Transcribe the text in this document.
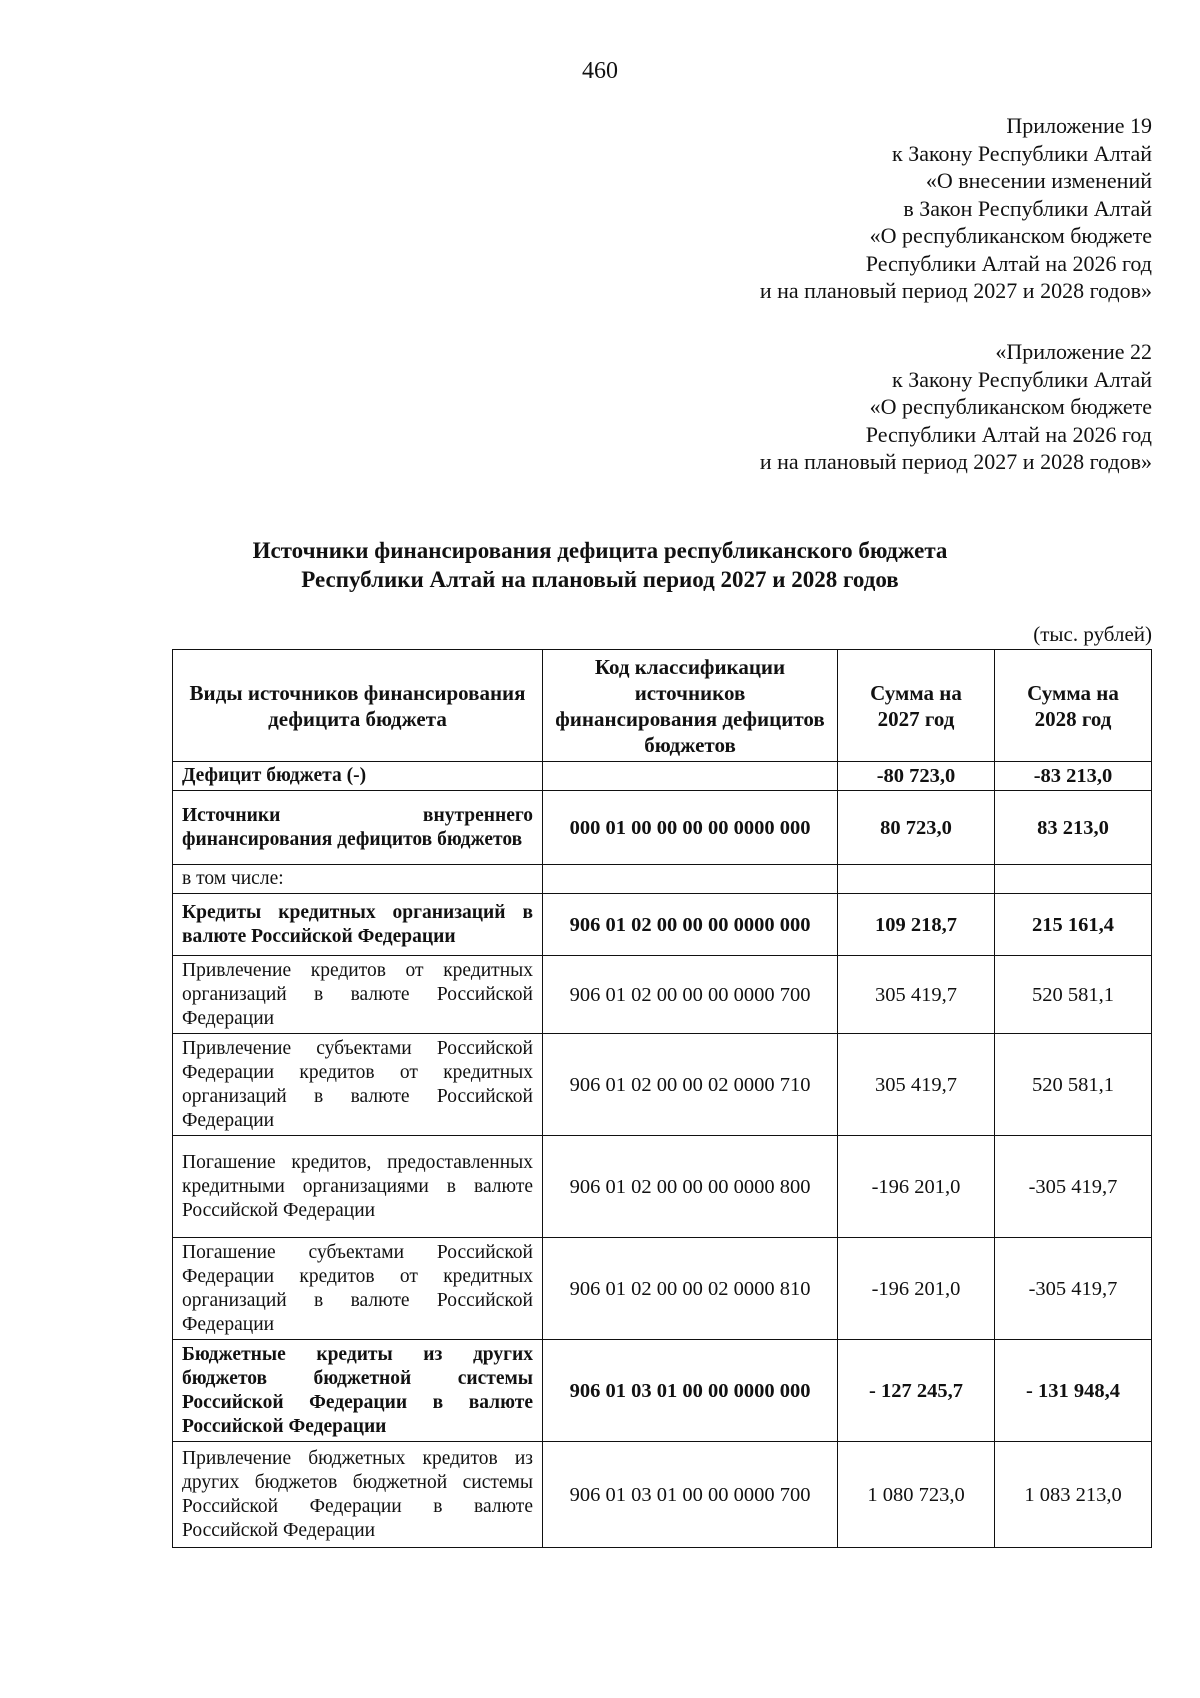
460
Приложение 19
к Закону Республики Алтай
«О внесении изменений
в Закон Республики Алтай
«О республиканском бюджете
Республики Алтай на 2026 год
и на плановый период 2027 и 2028 годов»
«Приложение 22
к Закону Республики Алтай
«О республиканском бюджете
Республики Алтай на 2026 год
и на плановый период 2027 и 2028 годов»
Источники финансирования дефицита республиканского бюджета
Республики Алтай на плановый период 2027 и 2028 годов
(тыс. рублей)
Виды источников финансирования дефицита бюджета	Код классификации источников финансирования дефицитов бюджетов	Сумма на 2027 год	Сумма на 2028 год
Дефицит бюджета (-)		-80 723,0	-83 213,0
Источники внутреннего финансирования дефицитов бюджетов	000 01 00 00 00 00 0000 000	80 723,0	83 213,0
в том числе:			
Кредиты кредитных организаций в валюте Российской Федерации	906 01 02 00 00 00 0000 000	109 218,7	215 161,4
Привлечение кредитов от кредитных организаций в валюте Российской Федерации	906 01 02 00 00 00 0000 700	305 419,7	520 581,1
Привлечение субъектами Российской Федерации кредитов от кредитных организаций в валюте Российской Федерации	906 01 02 00 00 02 0000 710	305 419,7	520 581,1
Погашение кредитов, предоставленных кредитными организациями в валюте Российской Федерации	906 01 02 00 00 00 0000 800	-196 201,0	-305 419,7
Погашение субъектами Российской Федерации кредитов от кредитных организаций в валюте Российской Федерации	906 01 02 00 00 02 0000 810	-196 201,0	-305 419,7
Бюджетные кредиты из других бюджетов бюджетной системы Российской Федерации в валюте Российской Федерации	906 01 03 01 00 00 0000 000	- 127 245,7	- 131 948,4
Привлечение бюджетных кредитов из других бюджетов бюджетной системы Российской Федерации в валюте Российской Федерации	906 01 03 01 00 00 0000 700	1 080 723,0	1 083 213,0
